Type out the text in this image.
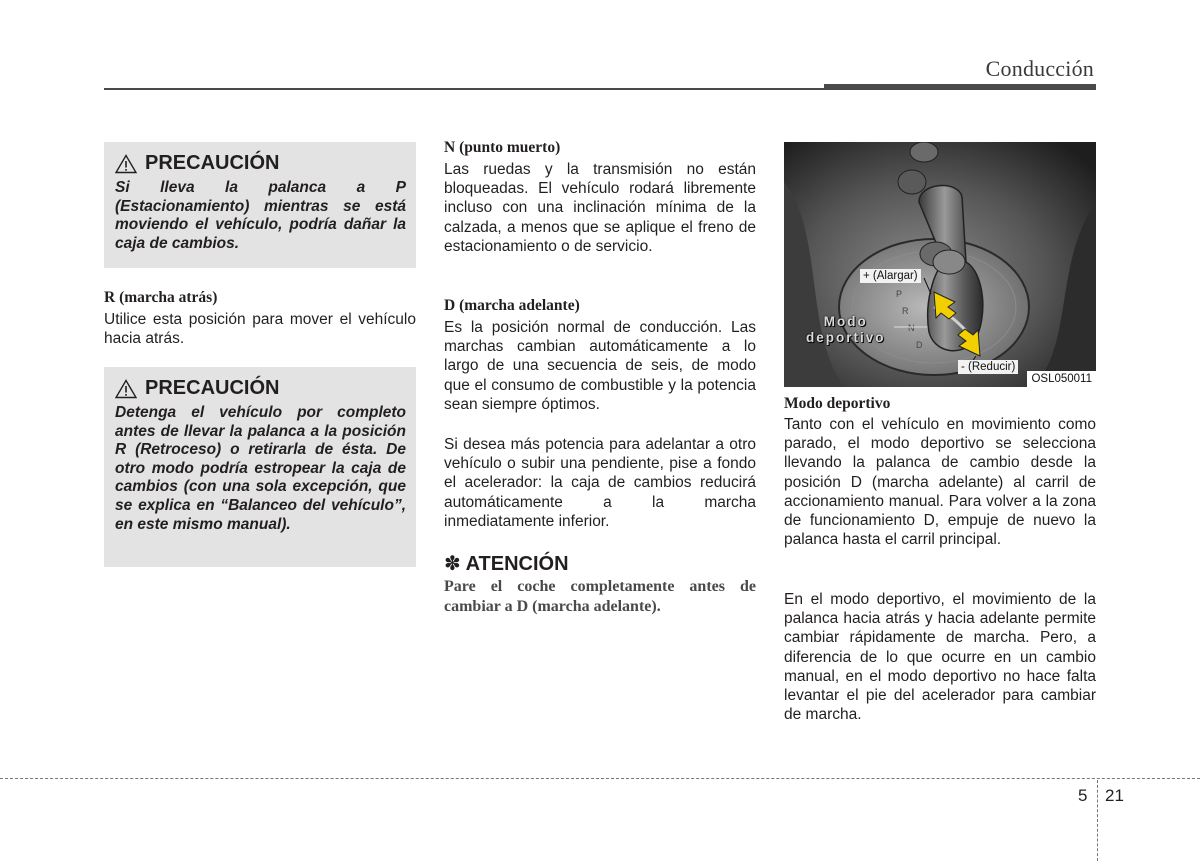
Conducción
PRECAUCIÓN

Si lleva la palanca a P (Estacionamiento) mientras se está moviendo el vehículo, podría dañar la caja de cambios.

R (marcha atrás)

Utilice esta posición para mover el vehículo hacia atrás.

PRECAUCIÓN

Detenga el vehículo por completo antes de llevar la palanca a la posición R (Retroceso) o retirarla de ésta. De otro modo podría estropear la caja de cambios (con una sola excepción, que se explica en “Balanceo del vehículo”, en este mismo manual).

N (punto muerto)

Las ruedas y la transmisión no están bloqueadas. El vehículo rodará libremente incluso con una inclinación mínima de la calzada, a menos que se aplique el freno de estacionamiento o de servicio.

D (marcha adelante)

Es la posición normal de conducción. Las marchas cambian automáticamente a lo largo de una secuencia de seis, de modo que el consumo de combustible y la potencia sean siempre óptimos.

Si desea más potencia para adelantar a otro vehículo o subir una pendiente, pise a fondo el acelerador: la caja de cambios reducirá automáticamente a la marcha inmediatamente inferior.

✽ ATENCIÓN

Pare el coche completamente antes de cambiar a D (marcha adelante).

P
R
N
D
+ (Alargar)
- (Reducir)
Modo
deportivo
OSL050011
Modo deportivo

Tanto con el vehículo en movimiento como parado, el modo deportivo se selecciona llevando la palanca de cambio desde la posición D (marcha adelante) al carril de accionamiento manual. Para volver a la zona de funcionamiento D, empuje de nuevo la palanca hasta el carril principal.

En el modo deportivo, el movimiento de la palanca hacia atrás y hacia adelante permite cambiar rápidamente de marcha. Pero, a diferencia de lo que ocurre en un cambio manual, en el modo deportivo no hace falta levantar el pie del acelerador para cambiar de marcha.

5 21
